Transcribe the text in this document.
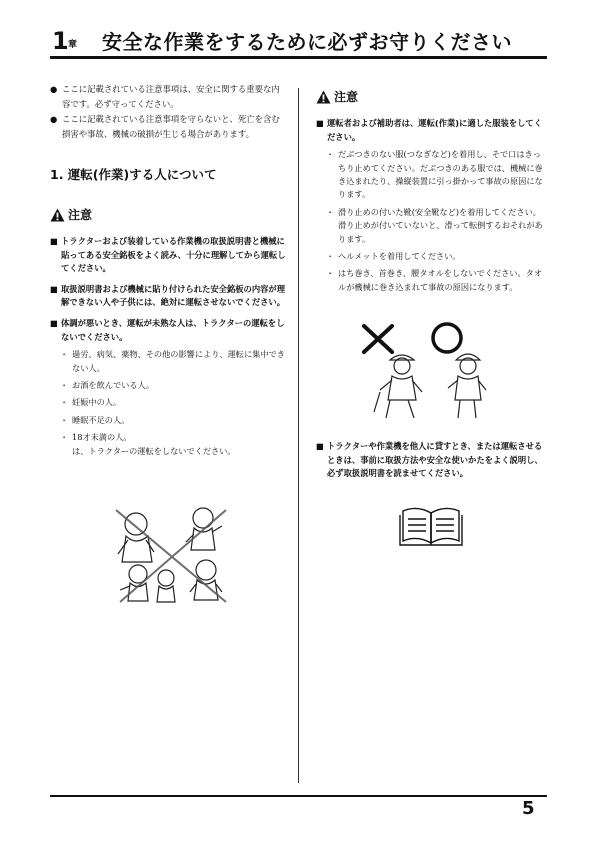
1 章 安全な作業をするために必ずお守りください
● ここに記載されている注意事項は、安全に関する重要な内容です。必ず守ってください。
● ここに記載されている注意事項を守らないと、死亡を含む損害や事故、機械の破損が生じる場合があります。
1. 運転(作業)する人について
注意
■ トラクターおよび装着している作業機の取扱説明書と機械に貼ってある安全銘板をよく読み、十分に理解してから運転してください。
■ 取扱説明書および機械に貼り付けられた安全銘板の内容が理解できない人や子供には、絶対に運転させないでください。
■ 体調が悪いとき、運転が未熟な人は、トラクターの運転をしないでください。
・ 過労、病気、薬物、その他の影響により、運転に集中できない人。
・ お酒を飲んでいる人。
・ 妊娠中の人。
・ 睡眠不足の人。
・ 18才未満の人。
は、トラクターの運転をしないでください。
注意
■ 運転者および補助者は、運転(作業)に適した服装をしてください。
・ だぶつきのない服(つなぎなど)を着用し、そで口はきっちり止めてください。だぶつきのある服では、機械に巻き込まれたり、操縦装置に引っ掛かって事故の原因になります。
・ 滑り止めの付いた靴(安全靴など)を着用してください。滑り止めが付いていないと、滑って転倒するおそれがあります。
・ ヘルメットを着用してください。
・ はち巻き、首巻き、腰タオルをしないでください。タオルが機械に巻き込まれて事故の原因になります。
■ トラクターや作業機を他人に貸すとき、または運転させるときは、事前に取扱方法や安全な使いかたをよく説明し、必ず取扱説明書を読ませてください。
5
